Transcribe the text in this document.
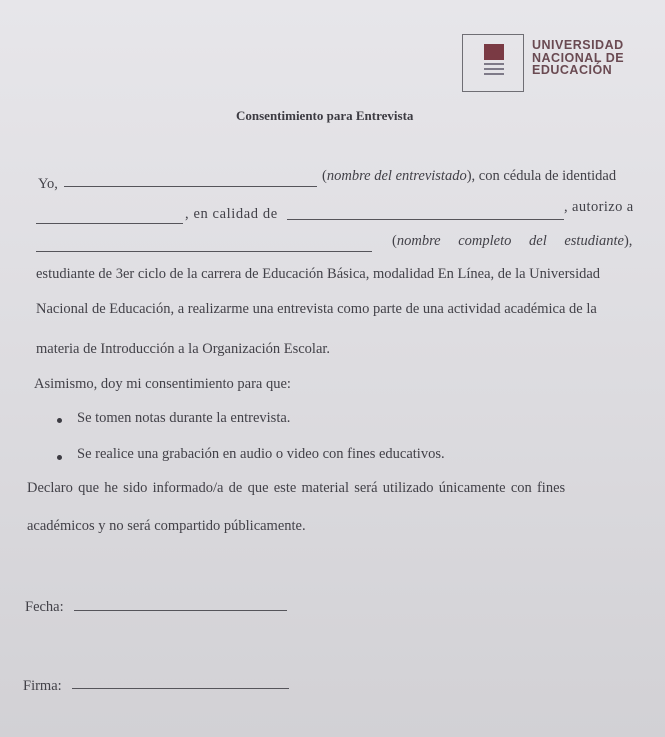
UNIVERSIDAD
NACIONAL DE
EDUCACIÓN
Consentimiento para Entrevista
Yo,	(nombre del entrevistado), con cédula de identidad
, en calidad de	, autorizo a
(nombre completo del estudiante),
estudiante de 3er ciclo de la carrera de Educación Básica, modalidad En Línea, de la Universidad
Nacional de Educación, a realizarme una entrevista como parte de una actividad académica de la
materia de Introducción a la Organización Escolar.
Asimismo, doy mi consentimiento para que:
Se tomen notas durante la entrevista.
Se realice una grabación en audio o video con fines educativos.
Declaro que he sido informado/a de que este material será utilizado únicamente con fines
académicos y no será compartido públicamente.
Fecha:
Firma:
